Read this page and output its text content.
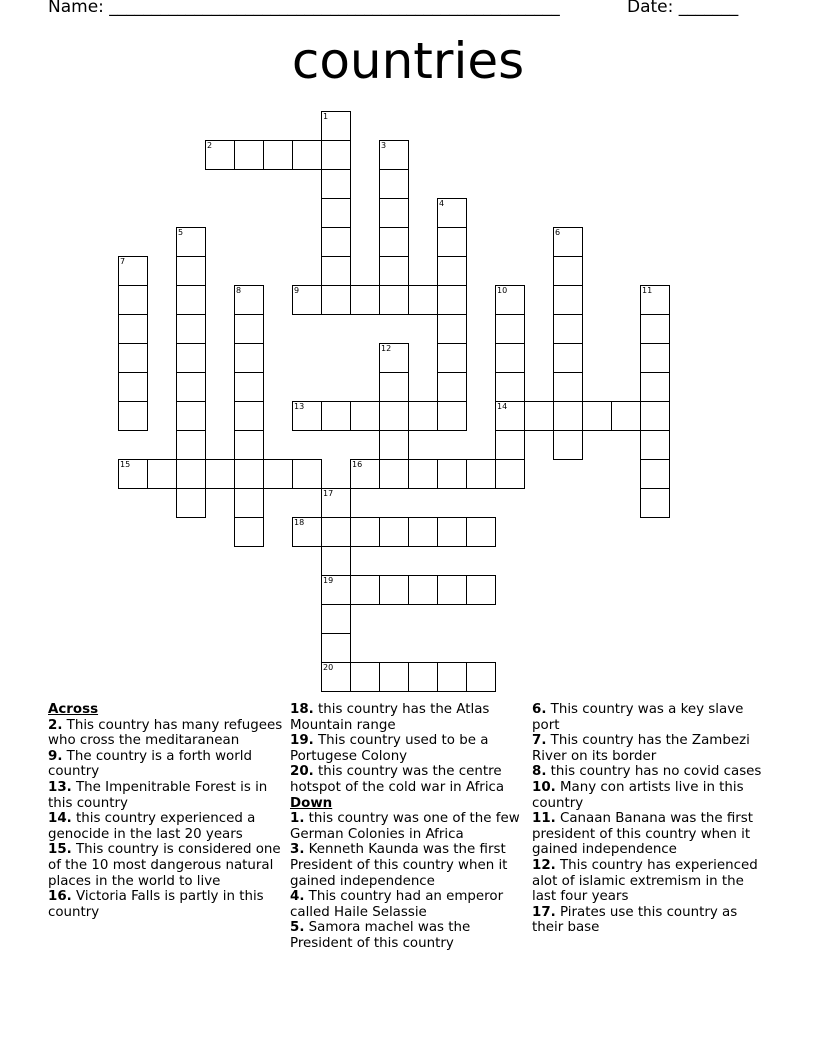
Name: _____________________________________________________	Date: _______
countries
1
2	3
4
5	6
7
8	9	10	11
12
13	14
15	16
17
18
19
20
Across
2. This country has many refugees who cross the meditaranean
9. The country is a forth world country
13. The Impenitrable Forest is in this country
14. this country experienced a genocide in the last 20 years
15. This country is considered one of the 10 most dangerous natural places in the world to live
16. Victoria Falls is partly in this country
18. this country has the Atlas Mountain range
19. This country used to be a Portugese Colony
20. this country was the centre hotspot of the cold war in Africa
Down
1. this country was one of the few German Colonies in Africa
3. Kenneth Kaunda was the first President of this country when it gained independence
4. This country had an emperor called Haile Selassie
5. Samora machel was the President of this country
6. This country was a key slave port
7. This country has the Zambezi River on its border
8. this country has no covid cases
10. Many con artists live in this country
11. Canaan Banana was the first president of this country when it gained independence
12. This country has experienced alot of islamic extremism in the last four years
17. Pirates use this country as their base
